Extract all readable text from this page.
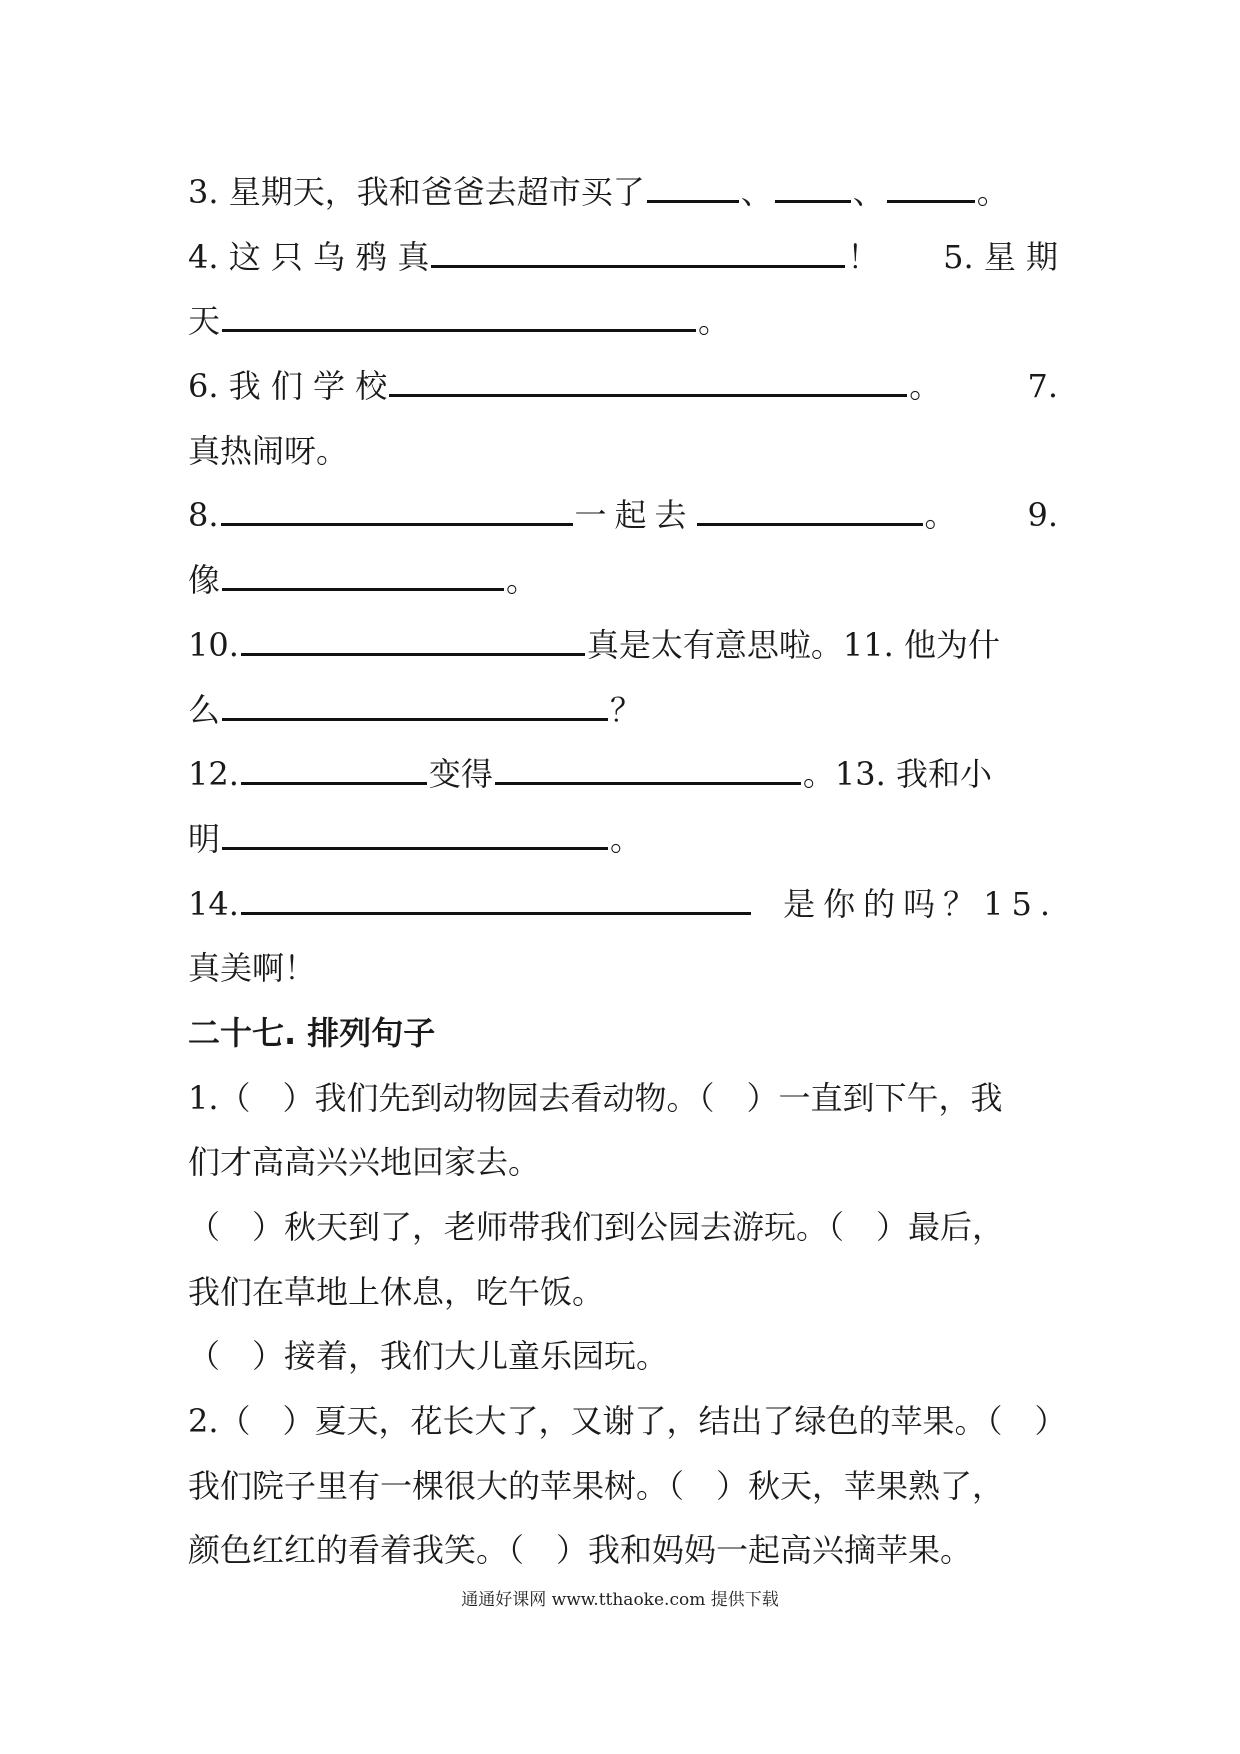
3. 星期天，我和爸爸去超市买了	、	、	。
4. 这 只 乌 鸦 真	！ 5. 星 期
天	。
6. 我 们 学 校	。	7.
真热闹呀。
8.	一起去	。 9.
像	。
10.	真是太有意思啦。11. 他为什
么	？
12.	变得	。13. 我和小
明	。
14.	是你的吗？15.
真美啊！
二十七. 排列句子
1.（　）我们先到动物园去看动物。（　）一直到下午，我
们才高高兴兴地回家去。
（　）秋天到了，老师带我们到公园去游玩。（　）最后，
我们在草地上休息，吃午饭。
（　）接着，我们大儿童乐园玩。
2.（　）夏天，花长大了，又谢了，结出了绿色的苹果。（　）
我们院子里有一棵很大的苹果树。（　）秋天，苹果熟了，
颜色红红的看着我笑。（　）我和妈妈一起高兴摘苹果。
通通好课网 www.tthaoke.com 提供下载
